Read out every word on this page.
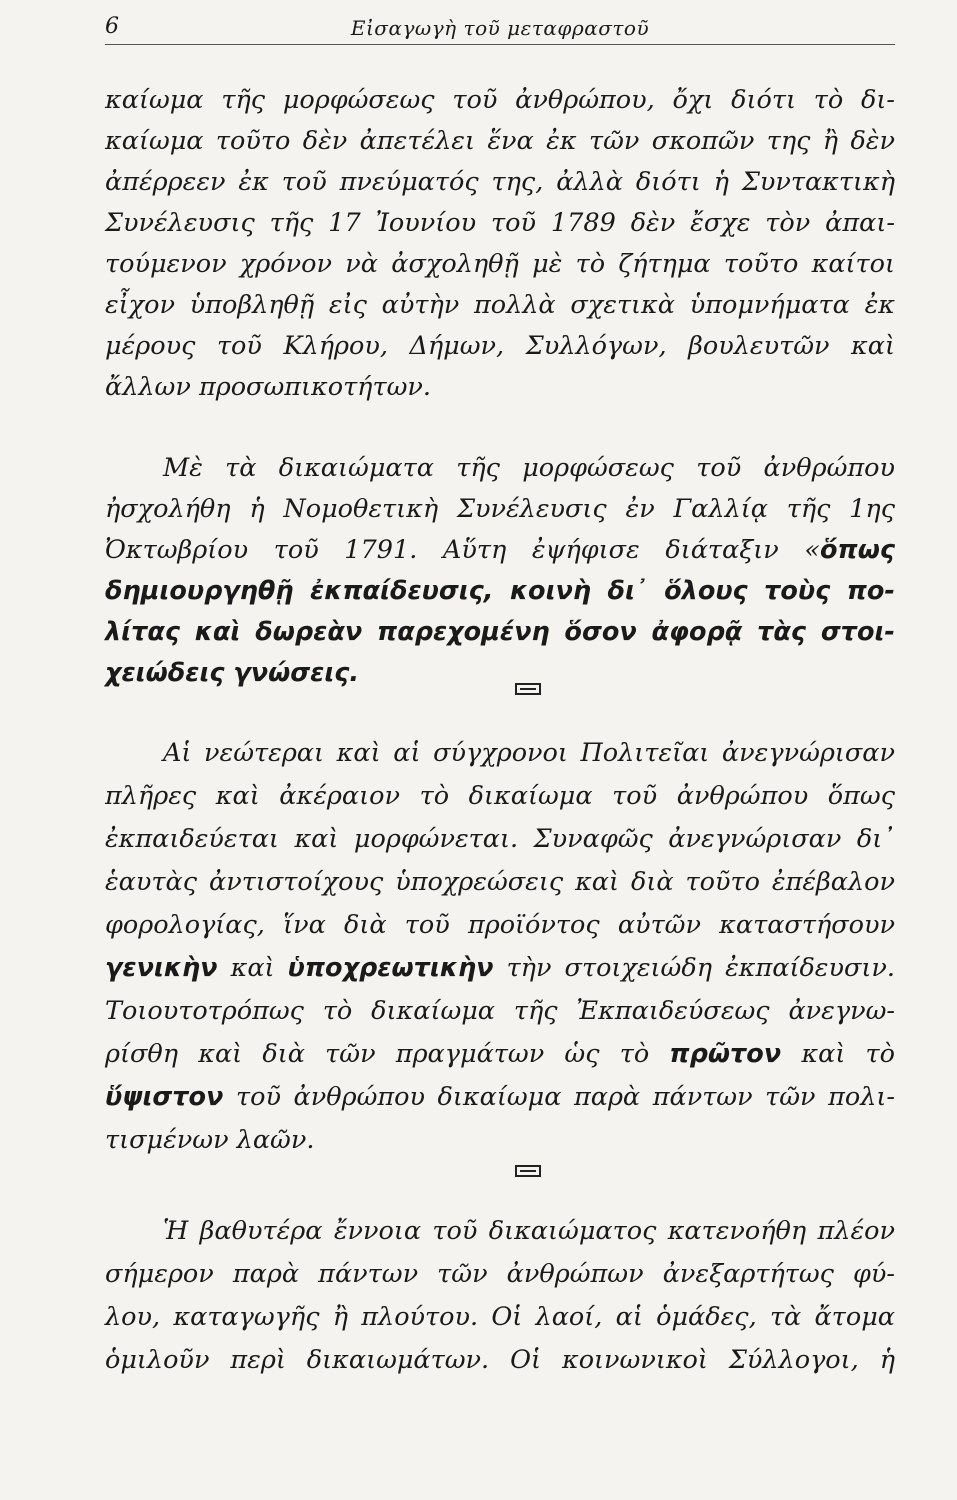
6	Εἰσαγωγὴ τοῦ μεταφραστοῦ
καίωμα τῆς μορφώσεως τοῦ ἀνθρώπου, ὄχι διότι τὸ δι-
καίωμα τοῦτο δὲν ἀπετέλει ἕνα ἐκ τῶν σκοπῶν της ἢ δὲν
ἀπέρρεεν ἐκ τοῦ πνεύματός της, ἀλλὰ διότι ἡ Συντακτικὴ
Συνέλευσις τῆς 17 Ἰουνίου τοῦ 1789 δὲν ἔσχε τὸν ἀπαι-
τούμενον χρόνον νὰ ἀσχοληθῇ μὲ τὸ ζήτημα τοῦτο καίτοι
εἶχον ὑποβληθῇ εἰς αὐτὴν πολλὰ σχετικὰ ὑπομνήματα ἐκ
μέρους τοῦ Κλήρου, Δήμων, Συλλόγων, βουλευτῶν καὶ
ἄλλων προσωπικοτήτων.
Μὲ τὰ δικαιώματα τῆς μορφώσεως τοῦ ἀνθρώπου
ἠσχολήθη ἡ Νομοθετικὴ Συνέλευσις ἐν Γαλλίᾳ τῆς 1ης
Ὀκτωβρίου τοῦ 1791. Αὕτη ἐψήφισε διάταξιν «ὅπως
δημιουργηθῇ ἐκπαίδευσις, κοινὴ δι᾽ ὅλους τοὺς πο-
λίτας καὶ δωρεὰν παρεχομένη ὅσον ἀφορᾷ τὰς στοι-
χειώδεις γνώσεις.
Αἱ νεώτεραι καὶ αἱ σύγχρονοι Πολιτεῖαι ἀνεγνώρισαν
πλῆρες καὶ ἀκέραιον τὸ δικαίωμα τοῦ ἀνθρώπου ὅπως
ἐκπαιδεύεται καὶ μορφώνεται. Συναφῶς ἀνεγνώρισαν δι᾽
ἑαυτὰς ἀντιστοίχους ὑποχρεώσεις καὶ διὰ τοῦτο ἐπέβαλον
φορολογίας, ἵνα διὰ τοῦ προϊόντος αὐτῶν καταστήσουν
γενικὴν καὶ ὑποχρεωτικὴν τὴν στοιχειώδη ἐκπαίδευσιν.
Τοιουτοτρόπως τὸ δικαίωμα τῆς Ἐκπαιδεύσεως ἀνεγνω-
ρίσθη καὶ διὰ τῶν πραγμάτων ὡς τὸ πρῶτον καὶ τὸ
ὕψιστον τοῦ ἀνθρώπου δικαίωμα παρὰ πάντων τῶν πολι-
τισμένων λαῶν.
Ἡ βαθυτέρα ἔννοια τοῦ δικαιώματος κατενοήθη πλέον
σήμερον παρὰ πάντων τῶν ἀνθρώπων ἀνεξαρτήτως φύ-
λου, καταγωγῆς ἢ πλούτου. Οἱ λαοί, αἱ ὁμάδες, τὰ ἄτομα
ὁμιλοῦν περὶ δικαιωμάτων. Οἱ κοινωνικοὶ Σύλλογοι, ἡ
